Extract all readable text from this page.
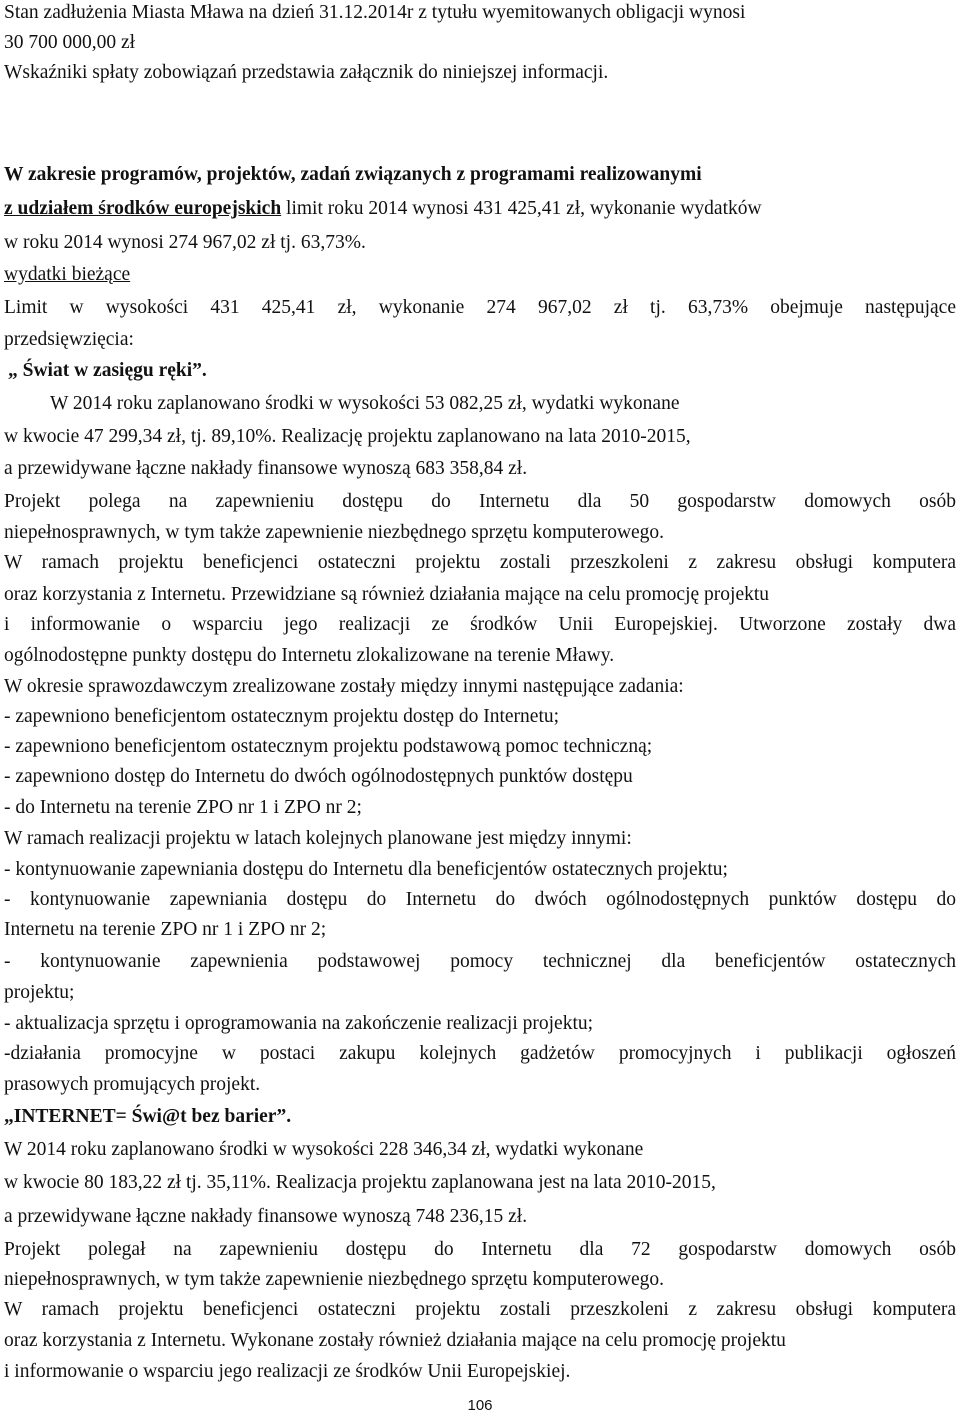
Stan zadłużenia Miasta Mława na dzień 31.12.2014r z tytułu wyemitowanych obligacji wynosi
30 700 000,00 zł
Wskaźniki spłaty zobowiązań przedstawia załącznik do niniejszej informacji.
W zakresie programów, projektów, zadań związanych z programami realizowanymi
z udziałem środków europejskich limit roku 2014 wynosi 431 425,41 zł, wykonanie wydatków
w roku 2014 wynosi 274 967,02 zł tj. 63,73%.
wydatki bieżące
Limit w wysokości 431 425,41 zł, wykonanie 274 967,02 zł tj. 63,73% obejmuje następujące
przedsięwzięcia:
„ Świat w zasięgu ręki”.
W 2014 roku zaplanowano środki w wysokości 53 082,25 zł, wydatki wykonane
w kwocie 47 299,34 zł, tj. 89,10%. Realizację projektu zaplanowano na lata 2010-2015,
a przewidywane łączne nakłady finansowe wynoszą 683 358,84 zł.
Projekt polega na zapewnieniu dostępu do Internetu dla 50 gospodarstw domowych osób
niepełnosprawnych, w tym także zapewnienie niezbędnego sprzętu komputerowego.
W ramach projektu beneficjenci ostateczni projektu zostali przeszkoleni z zakresu obsługi komputera
oraz korzystania z Internetu. Przewidziane są również działania mające na celu promocję projektu
i informowanie o wsparciu jego realizacji ze środków Unii Europejskiej. Utworzone zostały dwa
ogólnodostępne punkty dostępu do Internetu zlokalizowane na terenie Mławy.
W okresie sprawozdawczym zrealizowane zostały między innymi następujące zadania:
- zapewniono beneficjentom ostatecznym projektu dostęp do Internetu;
- zapewniono beneficjentom ostatecznym projektu podstawową pomoc techniczną;
- zapewniono dostęp do Internetu do dwóch ogólnodostępnych punktów dostępu
- do Internetu na terenie ZPO nr 1 i ZPO nr 2;
W ramach realizacji projektu w latach kolejnych planowane jest między innymi:
- kontynuowanie zapewniania dostępu do Internetu dla beneficjentów ostatecznych projektu;
- kontynuowanie zapewniania dostępu do Internetu do dwóch ogólnodostępnych punktów dostępu do
Internetu na terenie ZPO nr 1 i ZPO nr 2;
- kontynuowanie zapewnienia podstawowej pomocy technicznej dla beneficjentów ostatecznych
projektu;
- aktualizacja sprzętu i oprogramowania na zakończenie realizacji projektu;
-działania promocyjne w postaci zakupu kolejnych gadżetów promocyjnych i publikacji ogłoszeń
prasowych promujących projekt.
„INTERNET= Świ@t bez barier”.
W 2014 roku zaplanowano środki w wysokości 228 346,34 zł, wydatki wykonane
w kwocie 80 183,22 zł tj. 35,11%. Realizacja projektu zaplanowana jest na lata 2010-2015,
a przewidywane łączne nakłady finansowe wynoszą 748 236,15 zł.
Projekt polegał na zapewnieniu dostępu do Internetu dla 72 gospodarstw domowych osób
niepełnosprawnych, w tym także zapewnienie niezbędnego sprzętu komputerowego.
W ramach projektu beneficjenci ostateczni projektu zostali przeszkoleni z zakresu obsługi komputera
oraz korzystania z Internetu. Wykonane zostały również działania mające na celu promocję projektu
i informowanie o wsparciu jego realizacji ze środków Unii Europejskiej.
106
